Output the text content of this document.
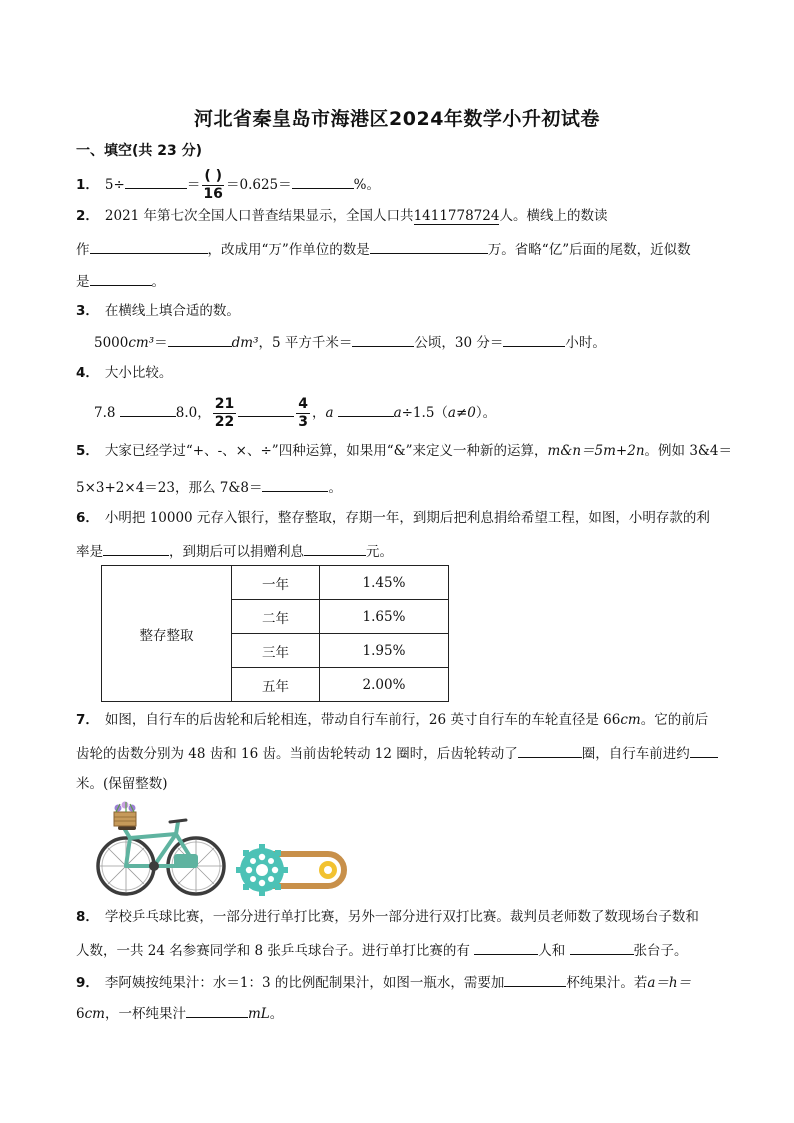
河北省秦皇岛市海港区2024年数学小升初试卷
一、填空(共 23 分)
1． 5÷	＝ $\frac{( )}{16} =0.625=$	%。
2． 2021 年第七次全国人口普查结果显示，全国人口共1411778724人。横线上的数读
作	，改成用“万”作单位的数是	万。省略“亿”后面的尾数，近似数
是	。
3． 在横线上填合适的数。
5000cm³＝	dm³，5 平方千米＝	公顷，30 分＝	小时。
4． 大小比较。
7.8	8.0， $\frac{21}{22}$	$\frac{4}{3}$ ，a	a÷1.5（a≠0）。
5． 大家已经学过“+、-、×、÷”四种运算，如果用“&”来定义一种新的运算，m&n＝5m+2n。例如 3&4＝
5×3+2×4＝23，那么 7&8＝	。
6． 小明把 10000 元存入银行，整存整取，存期一年，到期后把利息捐给希望工程，如图，小明存款的利
率是	，到期后可以捐赠利息	元。
整存整取	一年	1.45%
	二年	1.65%
	三年	1.95%
	五年	2.00%
7． 如图，自行车的后齿轮和后轮相连，带动自行车前行，26 英寸自行车的车轮直径是 66cm。它的前后
齿轮的齿数分别为 48 齿和 16 齿。当前齿轮转动 12 圈时，后齿轮转动了	圈，自行车前进约
米。(保留整数)
8． 学校乒乓球比赛，一部分进行单打比赛，另外一部分进行双打比赛。裁判员老师数了数现场台子数和
人数，一共 24 名参赛同学和 8 张乒乓球台子。进行单打比赛的有	人和	张台子。
9． 李阿姨按纯果汁：水＝1：3 的比例配制果汁，如图一瓶水，需要加	杯纯果汁。若a＝h＝
6cm，一杯纯果汁	mL。
